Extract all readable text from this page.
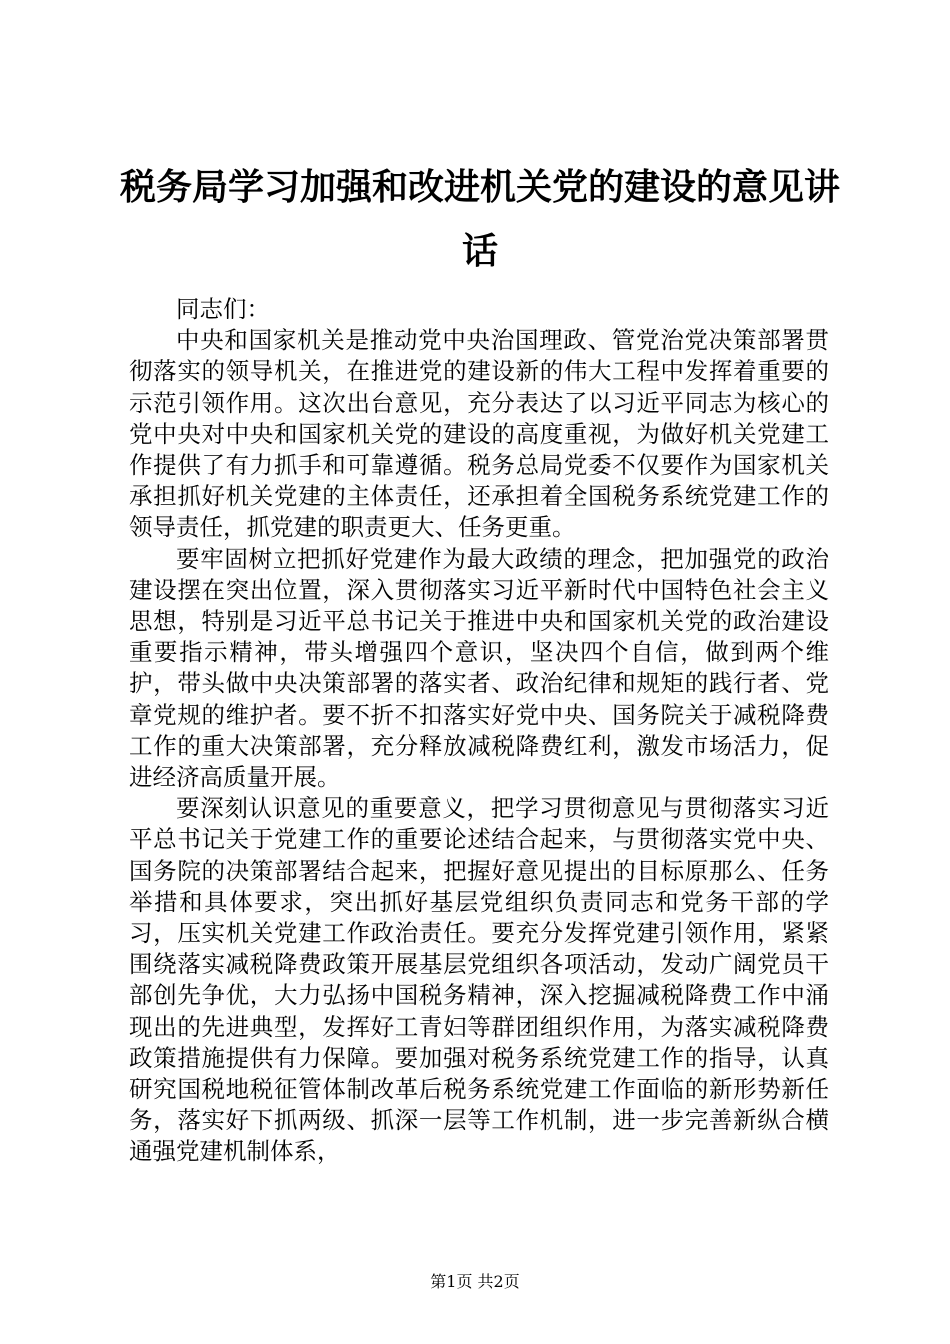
税务局学习加强和改进机关党的建设的意见讲话

同志们：

中央和国家机关是推动党中央治国理政、管党治党决策部署贯彻落实的领导机关，在推进党的建设新的伟大工程中发挥着重要的示范引领作用。这次出台意见，充分表达了以习近平同志为核心的党中央对中央和国家机关党的建设的高度重视，为做好机关党建工作提供了有力抓手和可靠遵循。税务总局党委不仅要作为国家机关承担抓好机关党建的主体责任，还承担着全国税务系统党建工作的领导责任，抓党建的职责更大、任务更重。

要牢固树立把抓好党建作为最大政绩的理念，把加强党的政治建设摆在突出位置，深入贯彻落实习近平新时代中国特色社会主义思想，特别是习近平总书记关于推进中央和国家机关党的政治建设重要指示精神，带头增强四个意识，坚决四个自信，做到两个维护，带头做中央决策部署的落实者、政治纪律和规矩的践行者、党章党规的维护者。要不折不扣落实好党中央、国务院关于减税降费工作的重大决策部署，充分释放减税降费红利，激发市场活力，促进经济高质量开展。

要深刻认识意见的重要意义，把学习贯彻意见与贯彻落实习近平总书记关于党建工作的重要论述结合起来，与贯彻落实党中央、国务院的决策部署结合起来，把握好意见提出的目标原那么、任务举措和具体要求，突出抓好基层党组织负责同志和党务干部的学习，压实机关党建工作政治责任。要充分发挥党建引领作用，紧紧围绕落实减税降费政策开展基层党组织各项活动，发动广阔党员干部创先争优，大力弘扬中国税务精神，深入挖掘减税降费工作中涌现出的先进典型，发挥好工青妇等群团组织作用，为落实减税降费政策措施提供有力保障。要加强对税务系统党建工作的指导，认真研究国税地税征管体制改革后税务系统党建工作面临的新形势新任务，落实好下抓两级、抓深一层等工作机制，进一步完善新纵合横通强党建机制体系，

第1页 共2页
